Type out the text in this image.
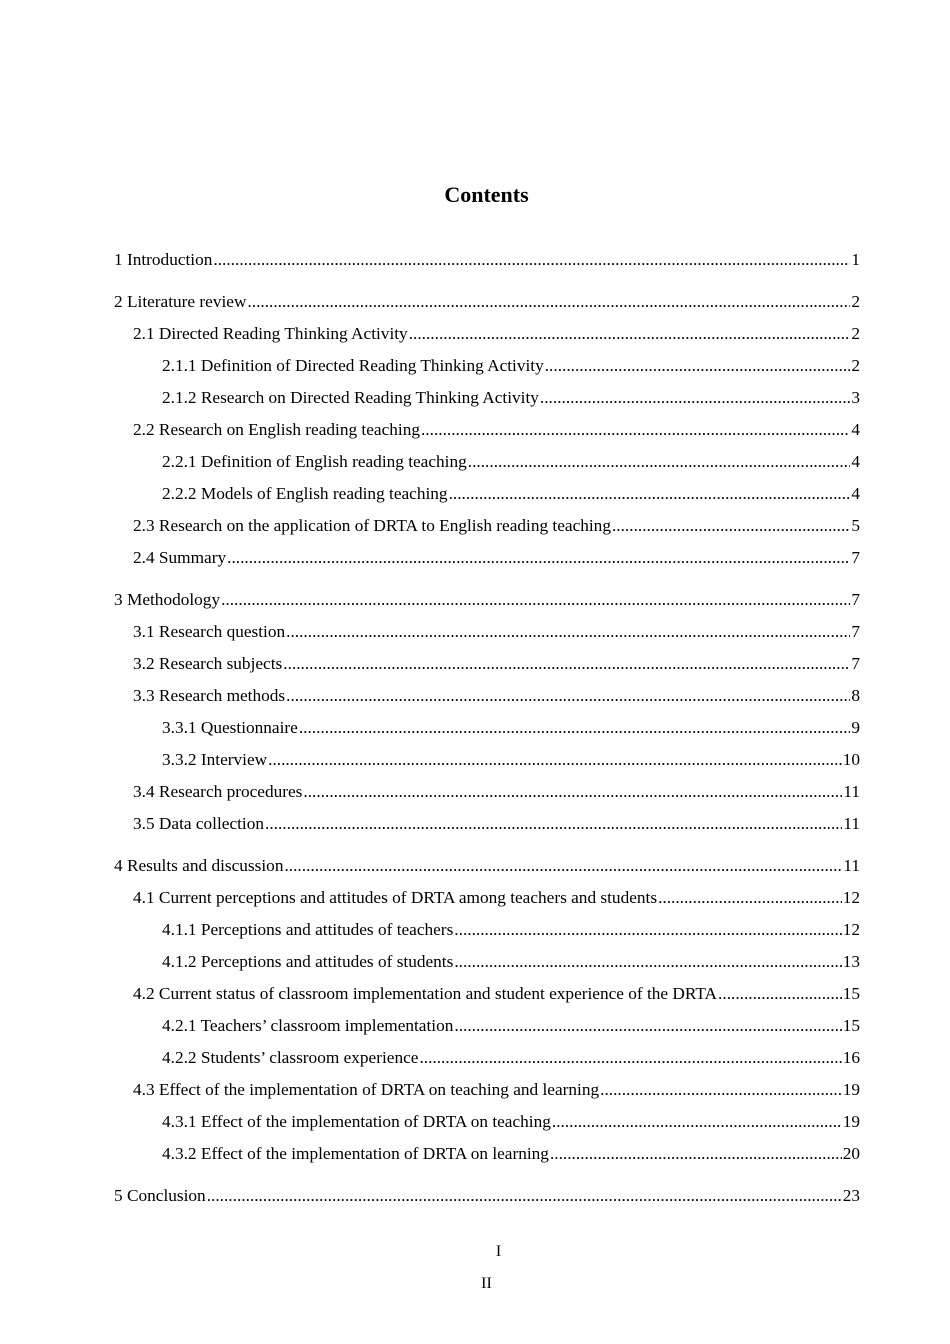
Contents
1 Introduction .....	1
2 Literature review .....	2
2.1 Directed Reading Thinking Activity .....	2
2.1.1 Definition of Directed Reading Thinking Activity .....	2
2.1.2 Research on Directed Reading Thinking Activity .....	3
2.2 Research on English reading teaching .....	4
2.2.1 Definition of English reading teaching .....	4
2.2.2 Models of English reading teaching .....	4
2.3 Research on the application of DRTA to English reading teaching .....	5
2.4 Summary .....	7
3 Methodology .....	7
3.1 Research question .....	7
3.2 Research subjects .....	7
3.3 Research methods .....	8
3.3.1 Questionnaire .....	9
3.3.2 Interview .....	10
3.4 Research procedures .....	11
3.5 Data collection .....	11
4 Results and discussion .....	11
4.1 Current perceptions and attitudes of DRTA among teachers and students .....	12
4.1.1 Perceptions and attitudes of teachers .....	12
4.1.2 Perceptions and attitudes of students .....	13
4.2 Current status of classroom implementation and student experience of the DRTA .....	15
4.2.1 Teachers’ classroom implementation .....	15
4.2.2 Students’ classroom experience .....	16
4.3 Effect of the implementation of DRTA on teaching and learning .....	19
4.3.1 Effect of the implementation of DRTA on teaching .....	19
4.3.2 Effect of the implementation of DRTA on learning .....	20
5 Conclusion .....	23
I
II
